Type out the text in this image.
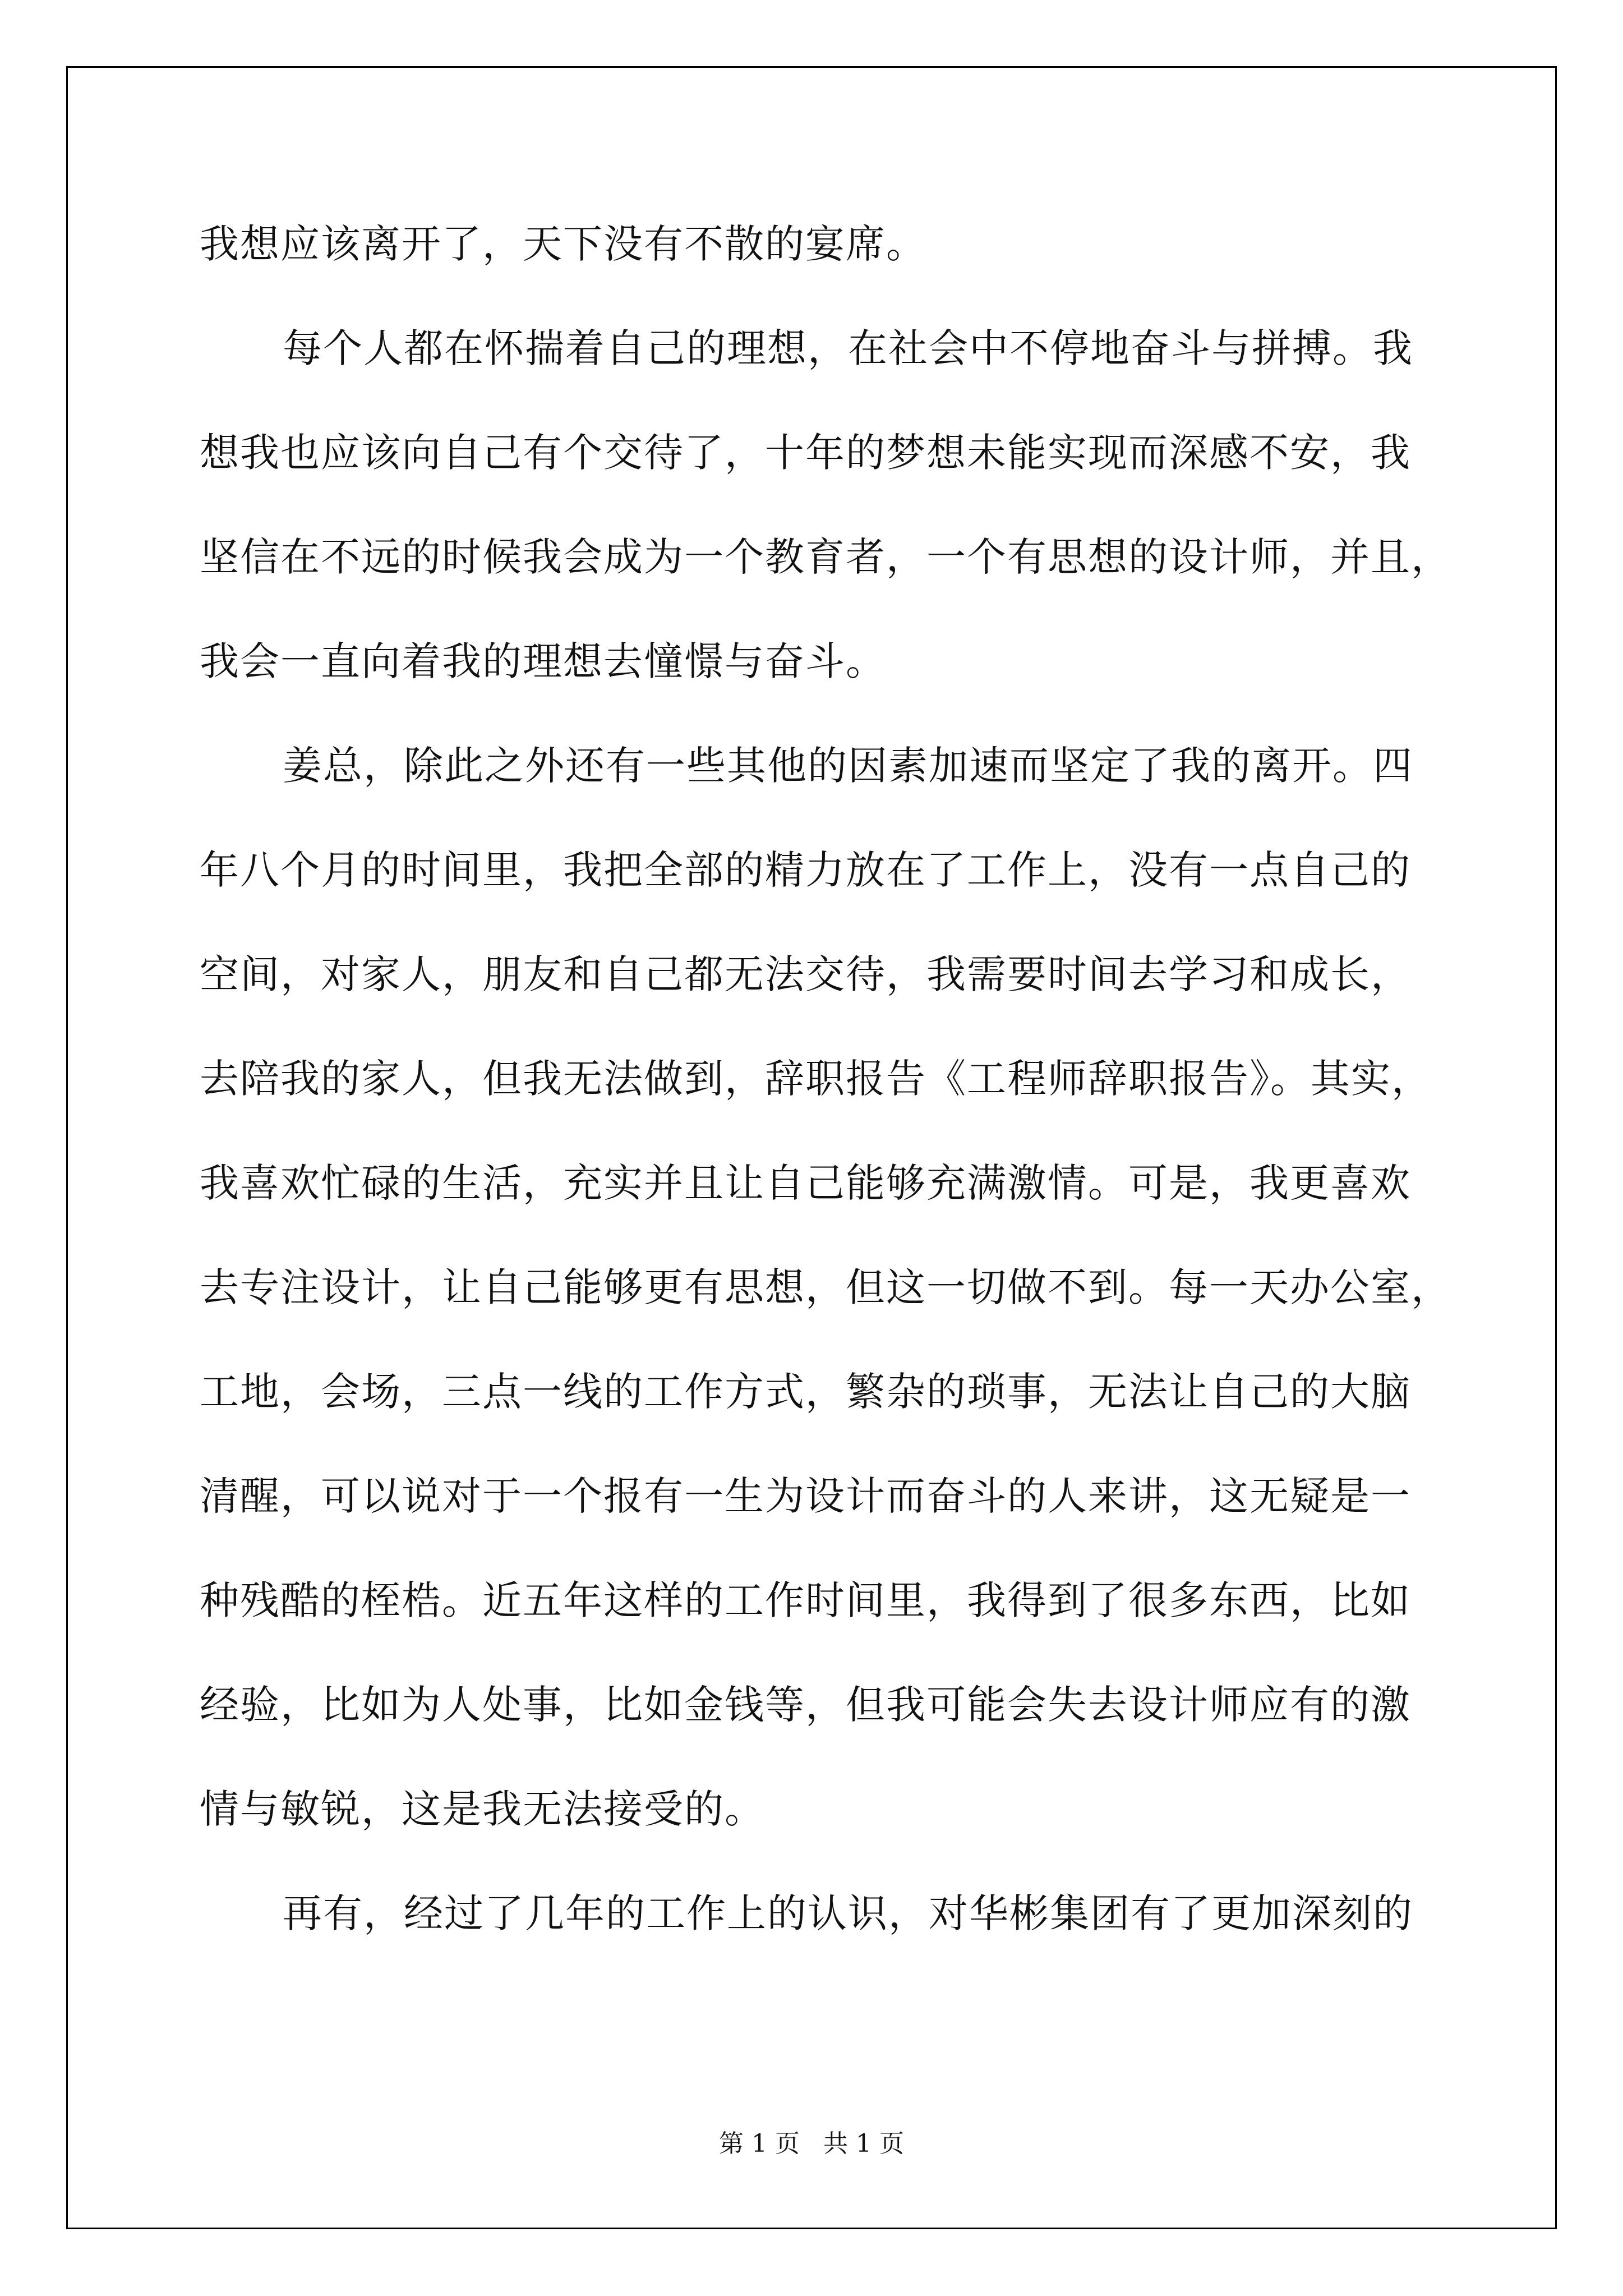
我想应该离开了，天下没有不散的宴席。
每个人都在怀揣着自己的理想，在社会中不停地奋斗与拼搏。我
想我也应该向自己有个交待了，十年的梦想未能实现而深感不安，我
坚信在不远的时候我会成为一个教育者，一个有思想的设计师，并且，
我会一直向着我的理想去憧憬与奋斗。
姜总，除此之外还有一些其他的因素加速而坚定了我的离开。四
年八个月的时间里，我把全部的精力放在了工作上，没有一点自己的
空间，对家人，朋友和自己都无法交待，我需要时间去学习和成长，
去陪我的家人，但我无法做到，辞职报告《工程师辞职报告》。其实，
我喜欢忙碌的生活，充实并且让自己能够充满激情。可是，我更喜欢
去专注设计，让自己能够更有思想，但这一切做不到。每一天办公室，
工地，会场，三点一线的工作方式，繁杂的琐事，无法让自己的大脑
清醒，可以说对于一个报有一生为设计而奋斗的人来讲，这无疑是一
种残酷的桎梏。近五年这样的工作时间里，我得到了很多东西，比如
经验，比如为人处事，比如金钱等，但我可能会失去设计师应有的激
情与敏锐，这是我无法接受的。
再有，经过了几年的工作上的认识，对华彬集团有了更加深刻的
第 1 页   共 1 页
